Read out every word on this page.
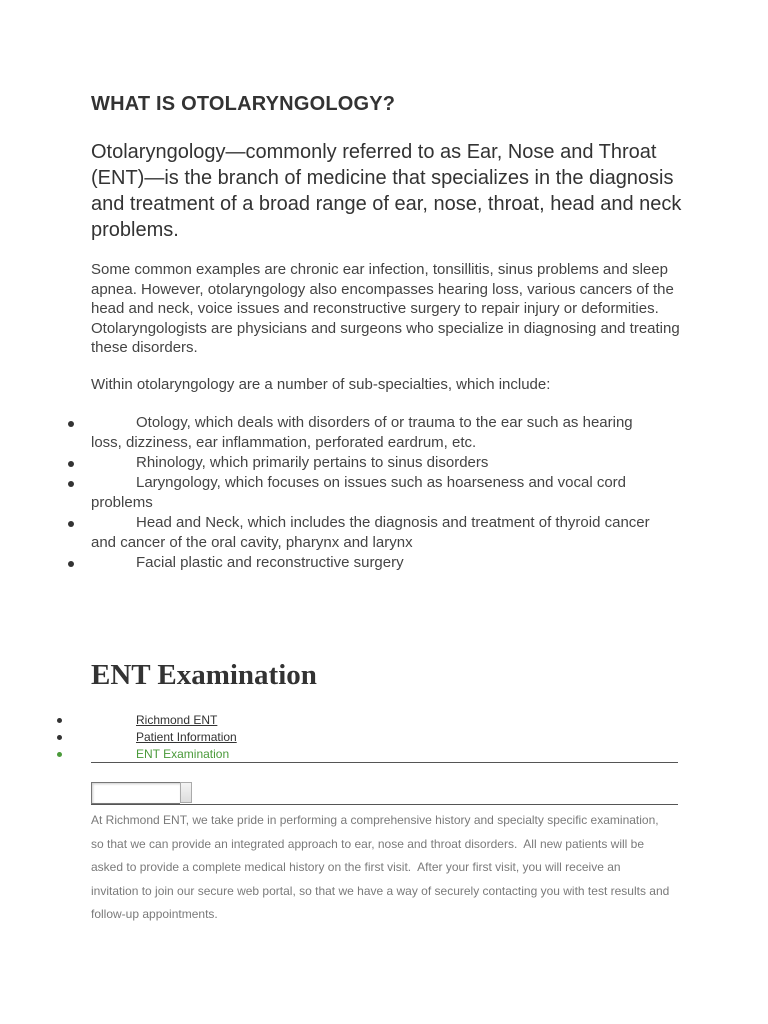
WHAT IS OTOLARYNGOLOGY?

Otolaryngology—commonly referred to as Ear, Nose and Throat (ENT)—is the branch of medicine that specializes in the diagnosis and treatment of a broad range of ear, nose, throat, head and neck problems.

Some common examples are chronic ear infection, tonsillitis, sinus problems and sleep apnea. However, otolaryngology also encompasses hearing loss, various cancers of the head and neck, voice issues and reconstructive surgery to repair injury or deformities.  Otolaryngologists are physicians and surgeons who specialize in diagnosing and treating these disorders.

Within otolaryngology are a number of sub-specialties, which include:

Otology, which deals with disorders of or trauma to the ear such as hearing loss, dizziness, ear inflammation, perforated eardrum, etc.
Rhinology, which primarily pertains to sinus disorders
Laryngology, which focuses on issues such as hoarseness and vocal cord problems
Head and Neck, which includes the diagnosis and treatment of thyroid cancer and cancer of the oral cavity, pharynx and larynx
Facial plastic and reconstructive surgery
ENT Examination
Richmond ENT
Patient Information
ENT Examination

At Richmond ENT, we take pride in performing a comprehensive history and specialty specific examination, so that we can provide an integrated approach to ear, nose and throat disorders.  All new patients will be asked to provide a complete medical history on the first visit.  After your first visit, you will receive an invitation to join our secure web portal, so that we have a way of securely contacting you with test results and follow-up appointments.
